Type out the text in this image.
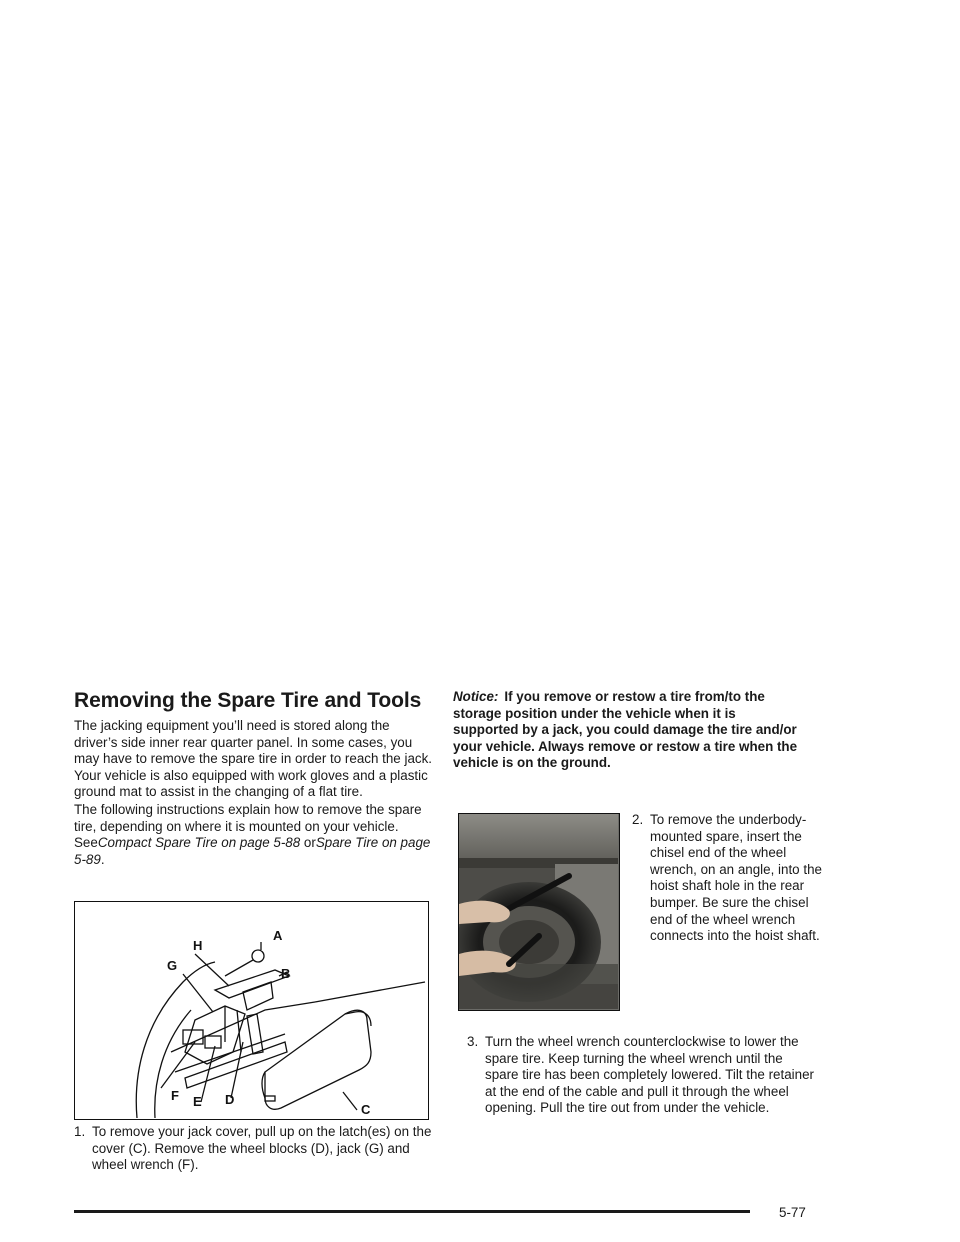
Removing the Spare Tire and Tools

The jacking equipment you’ll need is stored along the driver’s side inner rear quarter panel. In some cases, you may have to remove the spare tire in order to reach the jack. Your vehicle is also equipped with work gloves and a plastic ground mat to assist in the changing of a flat tire.

The following instructions explain how to remove the spare tire, depending on where it is mounted on your vehicle. SeeCompact Spare Tire on page 5-88 orSpare Tire on page 5-89.

A
B
C
D
E
F
G
H
1. To remove your jack cover, pull up on the latch(es) on the cover (C). Remove the wheel blocks (D), jack (G) and wheel wrench (F).
Notice: If you remove or restow a tire from/to the storage position under the vehicle when it is supported by a jack, you could damage the tire and/or your vehicle. Always remove or restow a tire when the vehicle is on the ground.
2. To remove the underbody-mounted spare, insert the chisel end of the wheel wrench, on an angle, into the hoist shaft hole in the rear bumper. Be sure the chisel end of the wheel wrench connects into the hoist shaft.
3. Turn the wheel wrench counterclockwise to lower the spare tire. Keep turning the wheel wrench until the spare tire has been completely lowered. Tilt the retainer at the end of the cable and pull it through the wheel opening. Pull the tire out from under the vehicle.
5-77
